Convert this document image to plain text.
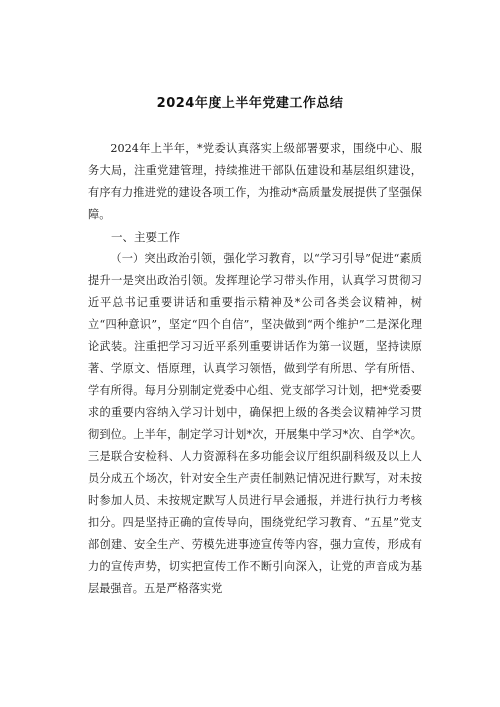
2024年度上半年党建工作总结

2024年上半年，*党委认真落实上级部署要求，围绕中心、服务大局，注重党建管理，持续推进干部队伍建设和基层组织建设，有序有力推进党的建设各项工作，为推动*高质量发展提供了坚强保障。

一、主要工作

（一）突出政治引领，强化学习教育，以“学习引导”促进“素质提升一是突出政治引领。发挥理论学习带头作用，认真学习贯彻习近平总书记重要讲话和重要指示精神及*公司各类会议精神，树立“四种意识”，坚定“四个自信”，坚决做到“两个维护”二是深化理论武装。注重把学习习近平系列重要讲话作为第一议题，坚持读原著、学原文、悟原理，认真学习领悟，做到学有所思、学有所悟、学有所得。每月分别制定党委中心组、党支部学习计划，把*党委要求的重要内容纳入学习计划中，确保把上级的各类会议精神学习贯彻到位。上半年，制定学习计划*次，开展集中学习*次、自学*次。三是联合安检科、人力资源科在多功能会议厅组织副科级及以上人员分成五个场次，针对安全生产责任制熟记情况进行默写，对未按时参加人员、未按规定默写人员进行早会通报，并进行执行力考核扣分。四是坚持正确的宣传导向，围绕党纪学习教育、“五星”党支部创建、安全生产、劳模先进事迹宣传等内容，强力宣传，形成有力的宣传声势，切实把宣传工作不断引向深入，让党的声音成为基层最强音。五是严格落实党
